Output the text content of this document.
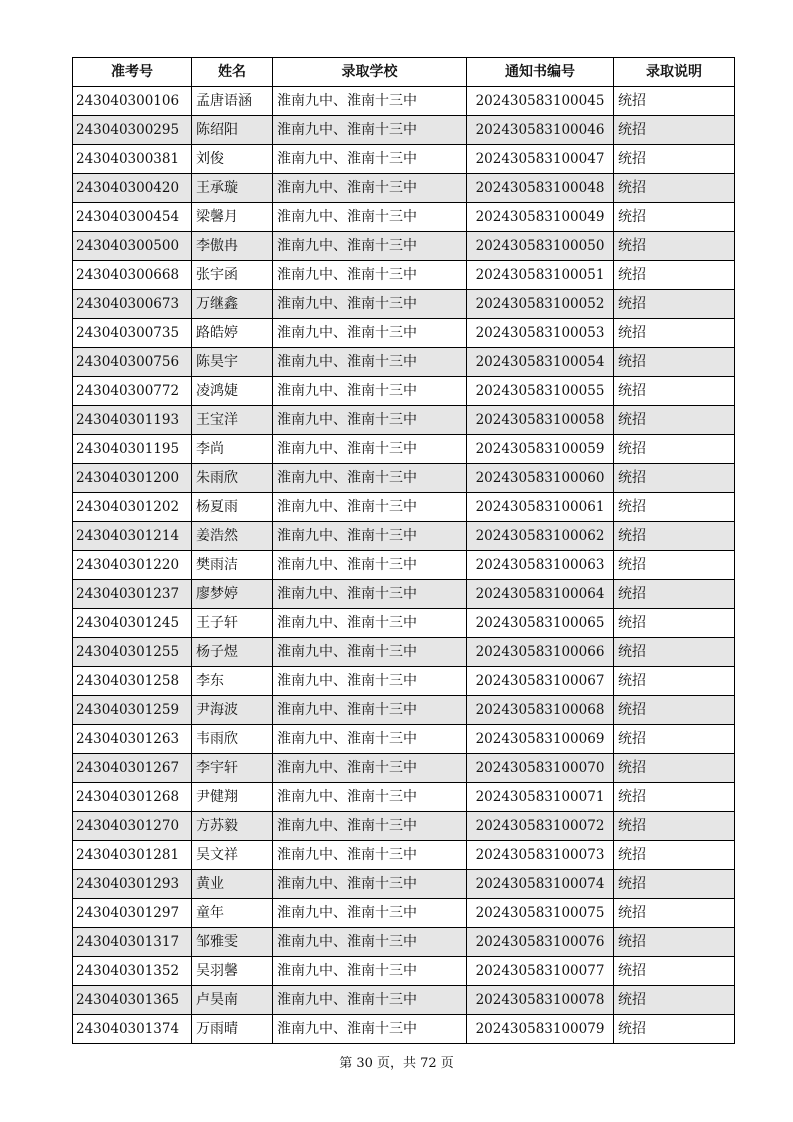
准考号	姓名	录取学校	通知书编号	录取说明
243040300106	孟唐语涵	淮南九中、淮南十三中	202430583100045	统招
243040300295	陈绍阳	淮南九中、淮南十三中	202430583100046	统招
243040300381	刘俊	淮南九中、淮南十三中	202430583100047	统招
243040300420	王承璇	淮南九中、淮南十三中	202430583100048	统招
243040300454	梁馨月	淮南九中、淮南十三中	202430583100049	统招
243040300500	李傲冉	淮南九中、淮南十三中	202430583100050	统招
243040300668	张宇函	淮南九中、淮南十三中	202430583100051	统招
243040300673	万继鑫	淮南九中、淮南十三中	202430583100052	统招
243040300735	路皓婷	淮南九中、淮南十三中	202430583100053	统招
243040300756	陈昊宇	淮南九中、淮南十三中	202430583100054	统招
243040300772	凌鸿婕	淮南九中、淮南十三中	202430583100055	统招
243040301193	王宝洋	淮南九中、淮南十三中	202430583100058	统招
243040301195	李尚	淮南九中、淮南十三中	202430583100059	统招
243040301200	朱雨欣	淮南九中、淮南十三中	202430583100060	统招
243040301202	杨夏雨	淮南九中、淮南十三中	202430583100061	统招
243040301214	姜浩然	淮南九中、淮南十三中	202430583100062	统招
243040301220	樊雨洁	淮南九中、淮南十三中	202430583100063	统招
243040301237	廖梦婷	淮南九中、淮南十三中	202430583100064	统招
243040301245	王子轩	淮南九中、淮南十三中	202430583100065	统招
243040301255	杨子煜	淮南九中、淮南十三中	202430583100066	统招
243040301258	李东	淮南九中、淮南十三中	202430583100067	统招
243040301259	尹海波	淮南九中、淮南十三中	202430583100068	统招
243040301263	韦雨欣	淮南九中、淮南十三中	202430583100069	统招
243040301267	李宇轩	淮南九中、淮南十三中	202430583100070	统招
243040301268	尹健翔	淮南九中、淮南十三中	202430583100071	统招
243040301270	方苏毅	淮南九中、淮南十三中	202430583100072	统招
243040301281	吴文祥	淮南九中、淮南十三中	202430583100073	统招
243040301293	黄业	淮南九中、淮南十三中	202430583100074	统招
243040301297	童年	淮南九中、淮南十三中	202430583100075	统招
243040301317	邹雅雯	淮南九中、淮南十三中	202430583100076	统招
243040301352	吴羽馨	淮南九中、淮南十三中	202430583100077	统招
243040301365	卢昊南	淮南九中、淮南十三中	202430583100078	统招
243040301374	万雨晴	淮南九中、淮南十三中	202430583100079	统招
第 30 页，共 72 页
